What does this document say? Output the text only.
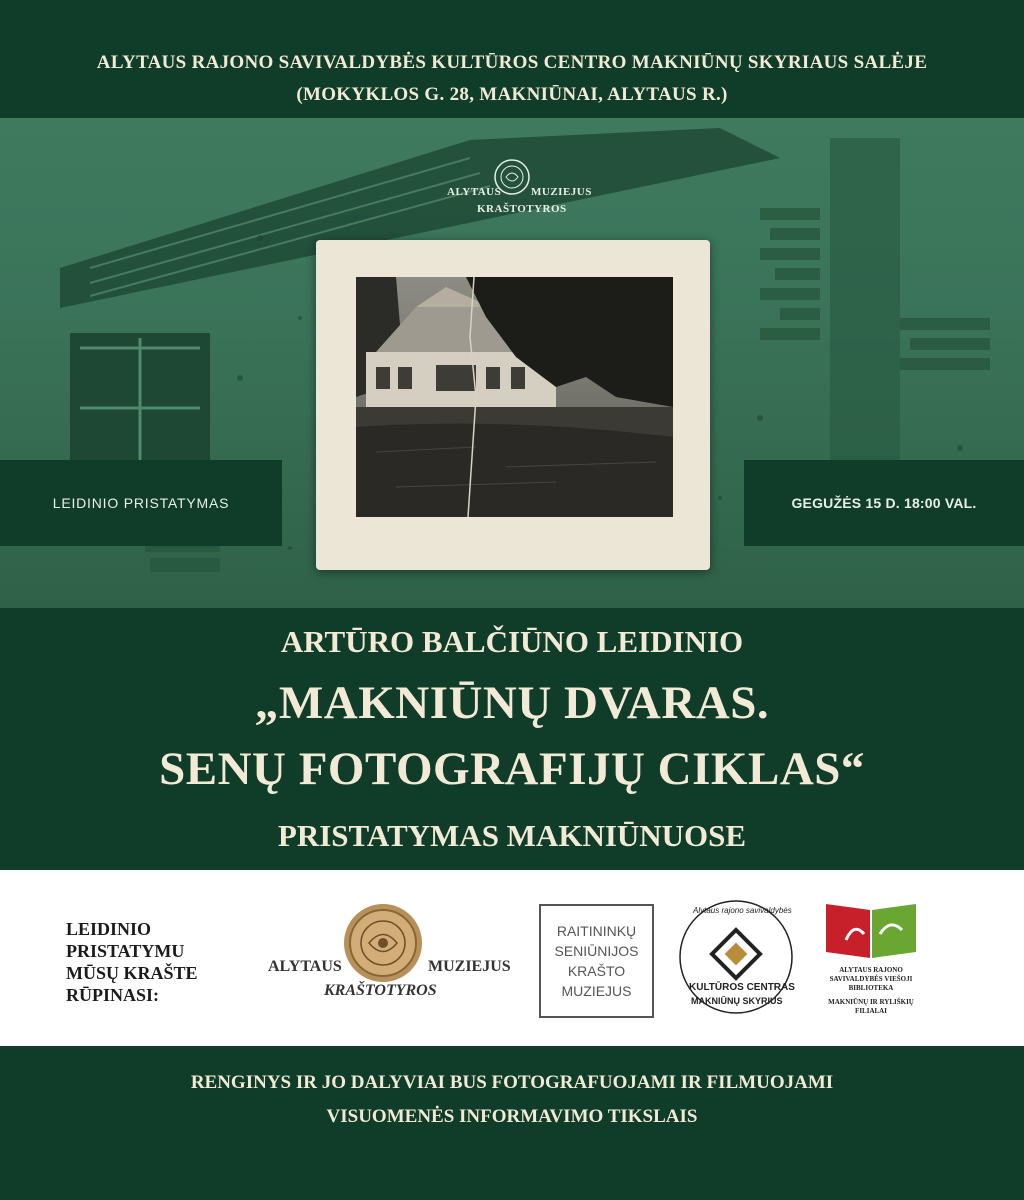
ALYTAUS RAJONO SAVIVALDYBĖS KULTŪROS CENTRO MAKNIŪNŲ SKYRIAUS SALĖJE
(MOKYKLOS G. 28, MAKNIŪNAI, ALYTAUS R.)
ALYTAUS	MUZIEJUS
KRAŠTOTYROS
LEIDINIO PRISTATYMAS	GEGUŽĖS 15 D. 18:00 VAL.
ARTŪRO BALČIŪNO LEIDINIO
„MAKNIŪNŲ DVARAS.
SENŲ FOTOGRAFIJŲ CIKLAS“
PRISTATYMAS MAKNIŪNUOSE
LEIDINIO
PRISTATYMU
MŪSŲ KRAŠTE
RŪPINASI:
ALYTAUS	MUZIEJUS
KRAŠTOTYROS
RAITININKŲ
SENIŪNIJOS
KRAŠTO
MUZIEJUS
Alytaus rajono savivaldybės
KULTŪROS CENTRAS
MAKNIŪNŲ SKYRIUS
ALYTAUS RAJONO
SAVIVALDYBĖS VIEŠOJI
BIBLIOTEKA
MAKNIŪNŲ IR RYLIŠKIŲ
FILIALAI
RENGINYS IR JO DALYVIAI BUS FOTOGRAFUOJAMI IR FILMUOJAMI
VISUOMENĖS INFORMAVIMO TIKSLAIS
